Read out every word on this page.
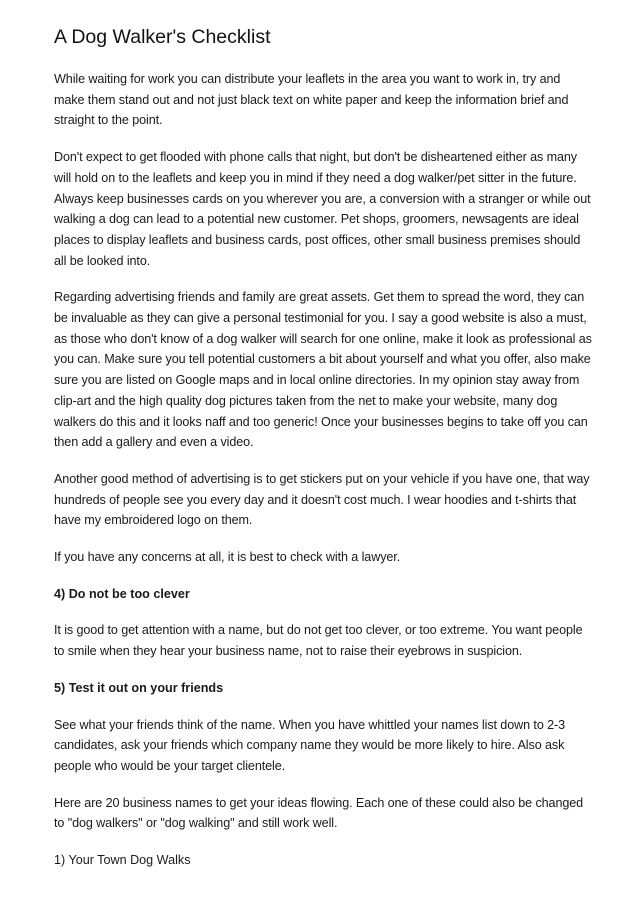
A Dog Walker's Checklist

While waiting for work you can distribute your leaflets in the area you want to work in, try and make them stand out and not just black text on white paper and keep the information brief and straight to the point.

Don't expect to get flooded with phone calls that night, but don't be disheartened either as many will hold on to the leaflets and keep you in mind if they need a dog walker/pet sitter in the future. Always keep businesses cards on you wherever you are, a conversion with a stranger or while out walking a dog can lead to a potential new customer. Pet shops, groomers, newsagents are ideal places to display leaflets and business cards, post offices, other small business premises should all be looked into.

Regarding advertising friends and family are great assets. Get them to spread the word, they can be invaluable as they can give a personal testimonial for you. I say a good website is also a must, as those who don't know of a dog walker will search for one online, make it look as professional as you can. Make sure you tell potential customers a bit about yourself and what you offer, also make sure you are listed on Google maps and in local online directories. In my opinion stay away from clip-art and the high quality dog pictures taken from the net to make your website, many dog walkers do this and it looks naff and too generic! Once your businesses begins to take off you can then add a gallery and even a video.

Another good method of advertising is to get stickers put on your vehicle if you have one, that way hundreds of people see you every day and it doesn't cost much. I wear hoodies and t-shirts that have my embroidered logo on them.

If you have any concerns at all, it is best to check with a lawyer.

4) Do not be too clever

It is good to get attention with a name, but do not get too clever, or too extreme. You want people to smile when they hear your business name, not to raise their eyebrows in suspicion.

5) Test it out on your friends

See what your friends think of the name. When you have whittled your names list down to 2-3 candidates, ask your friends which company name they would be more likely to hire. Also ask people who would be your target clientele.

Here are 20 business names to get your ideas flowing. Each one of these could also be changed to "dog walkers" or "dog walking" and still work well.

1) Your Town Dog Walks
